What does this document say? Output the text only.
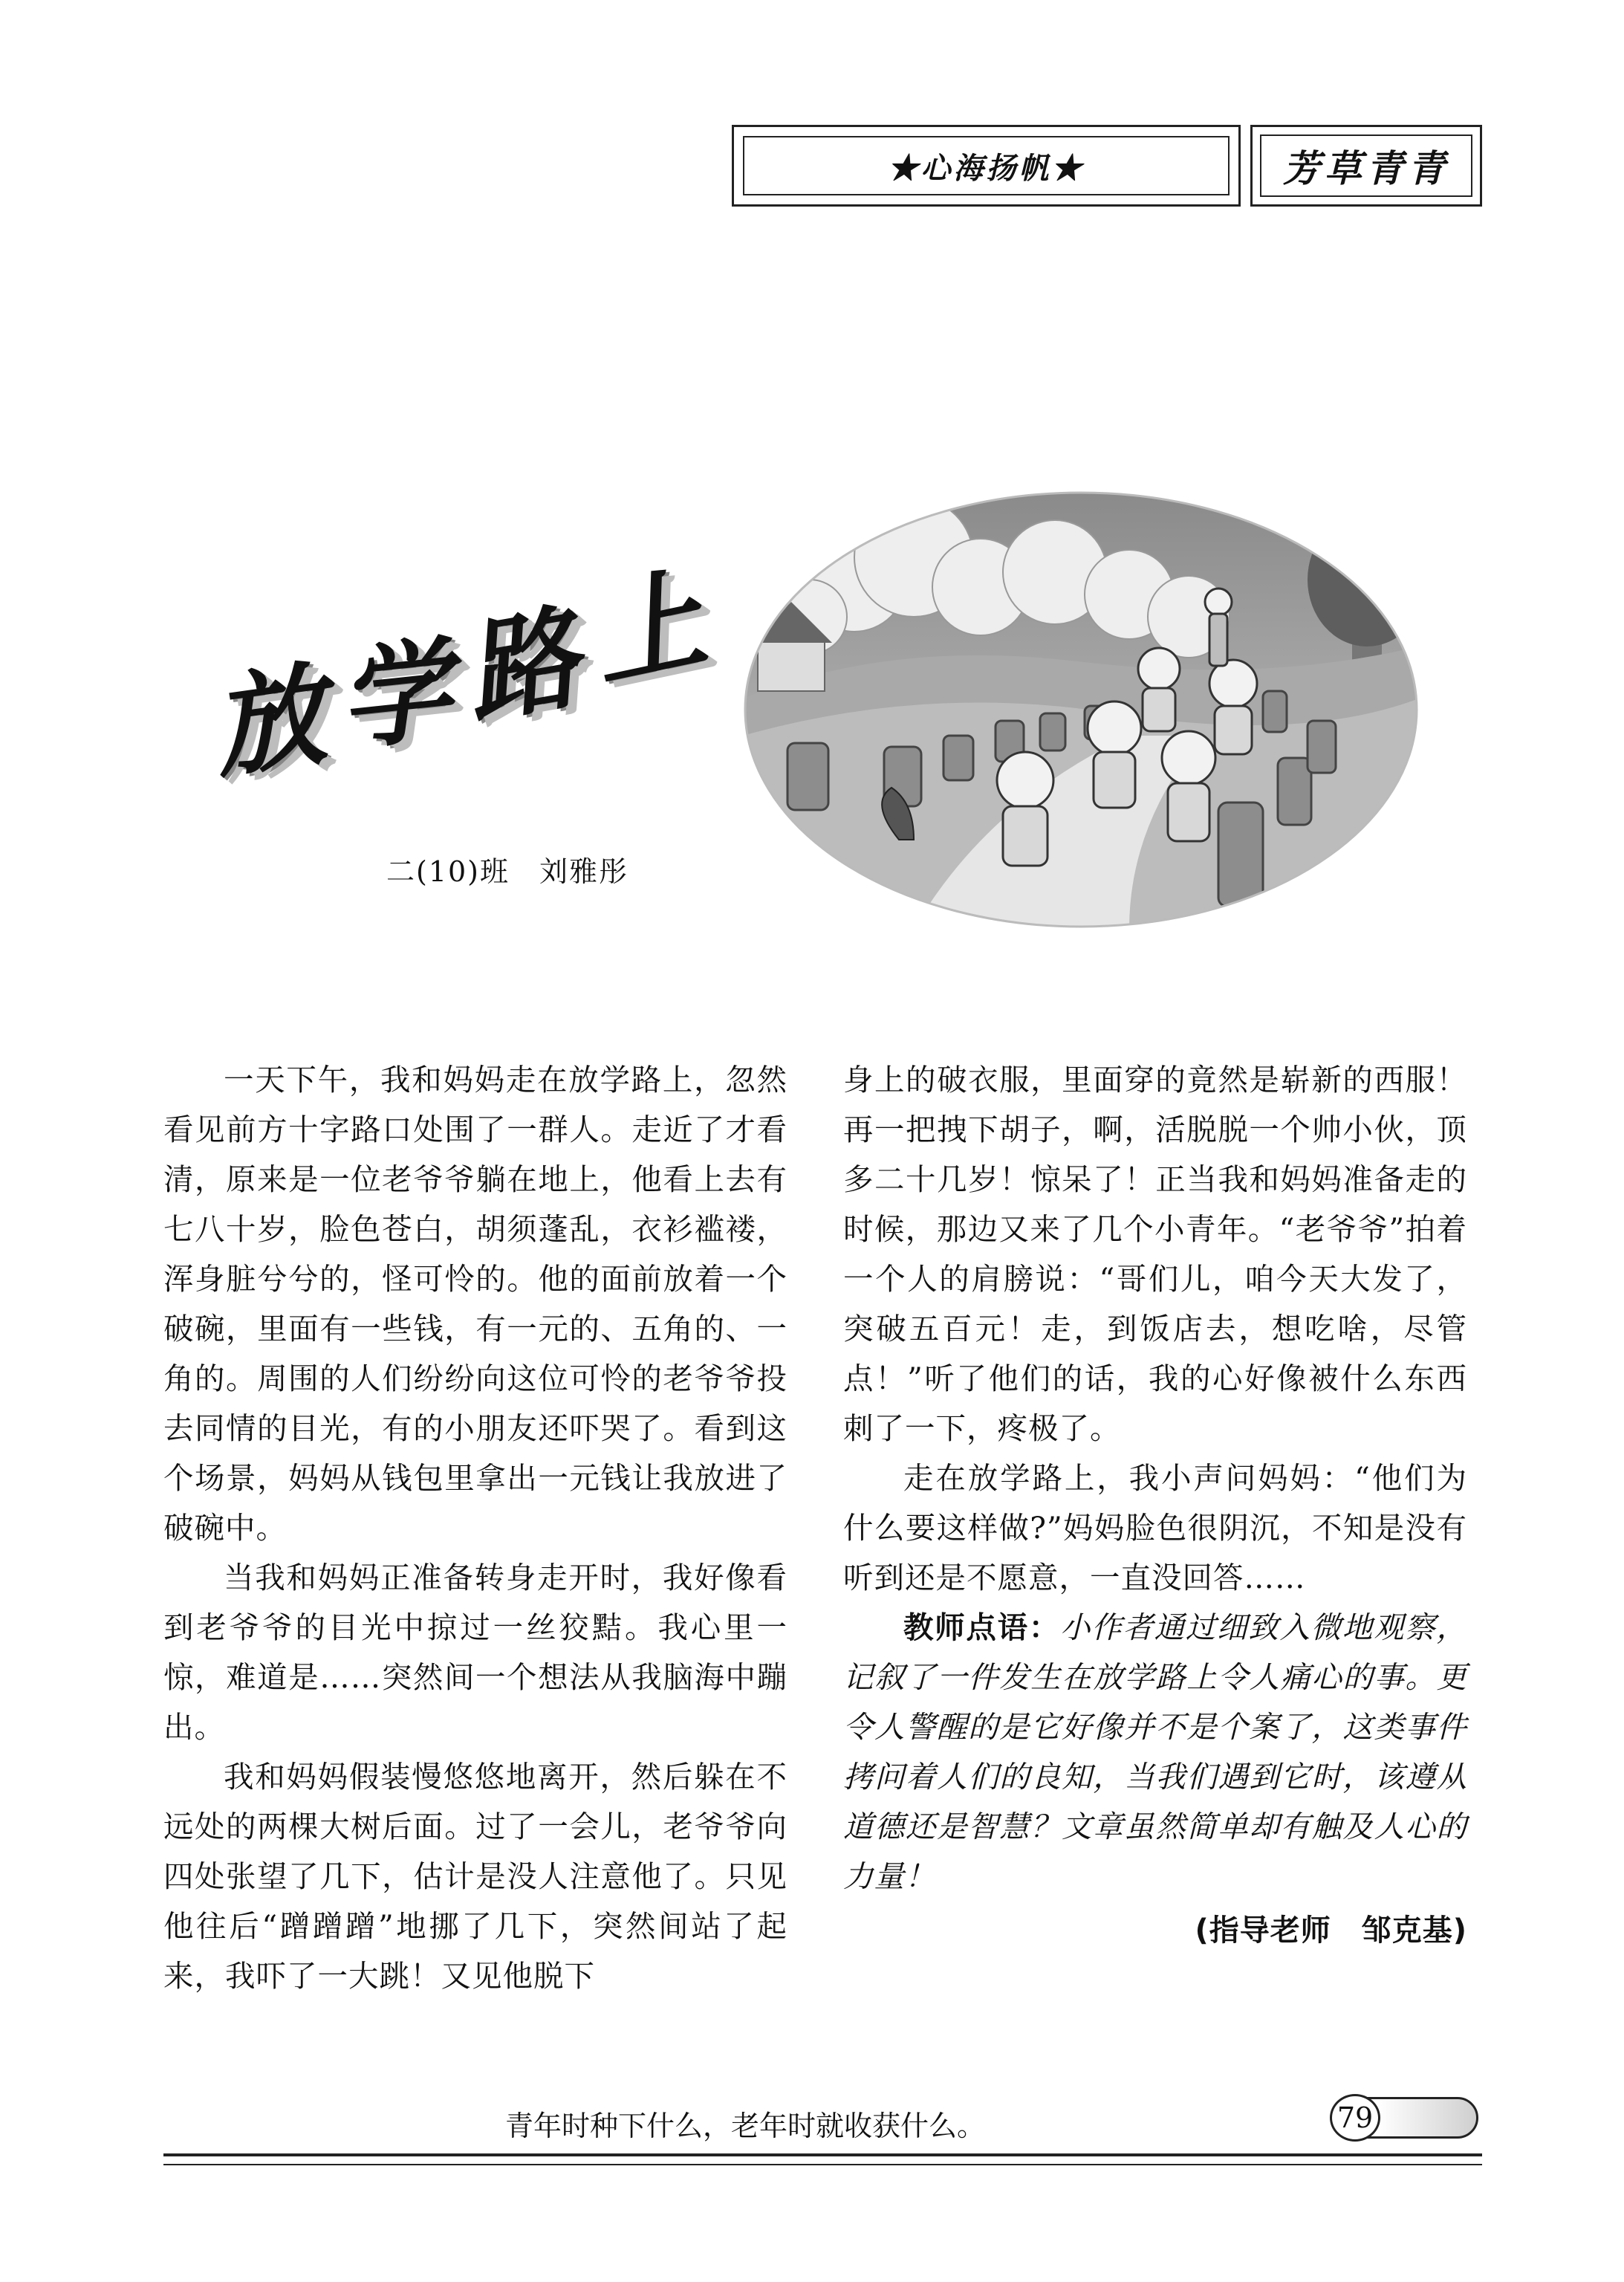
★心海扬帆★	芳草青青
放 学
路
上
二(10)班　刘雅彤

一天下午，我和妈妈走在放学路上，忽然看见前方十字路口处围了一群人。走近了才看清，原来是一位老爷爷躺在地上，他看上去有七八十岁，脸色苍白，胡须蓬乱，衣衫褴褛，浑身脏兮兮的，怪可怜的。他的面前放着一个破碗，里面有一些钱，有一元的、五角的、一角的。周围的人们纷纷向这位可怜的老爷爷投去同情的目光，有的小朋友还吓哭了。看到这个场景，妈妈从钱包里拿出一元钱让我放进了破碗中。

当我和妈妈正准备转身走开时，我好像看到老爷爷的目光中掠过一丝狡黠。我心里一惊，难道是……突然间一个想法从我脑海中蹦出。

我和妈妈假装慢悠悠地离开，然后躲在不远处的两棵大树后面。过了一会儿，老爷爷向四处张望了几下，估计是没人注意他了。只见他往后“蹭蹭蹭”地挪了几下，突然间站了起来，我吓了一大跳！又见他脱下

身上的破衣服，里面穿的竟然是崭新的西服！再一把拽下胡子，啊，活脱脱一个帅小伙，顶多二十几岁！惊呆了！正当我和妈妈准备走的时候，那边又来了几个小青年。“老爷爷”拍着一个人的肩膀说：“哥们儿，咱今天大发了，突破五百元！走，到饭店去，想吃啥，尽管点！”听了他们的话，我的心好像被什么东西刺了一下，疼极了。

走在放学路上，我小声问妈妈：“他们为什么要这样做?”妈妈脸色很阴沉，不知是没有听到还是不愿意，一直没回答……

教师点语：小作者通过细致入微地观察，记叙了一件发生在放学路上令人痛心的事。更令人警醒的是它好像并不是个案了，这类事件拷问着人们的良知，当我们遇到它时，该遵从道德还是智慧？文章虽然简单却有触及人心的力量！

(指导老师　邹克基)
青年时种下什么，老年时就收获什么。	79
